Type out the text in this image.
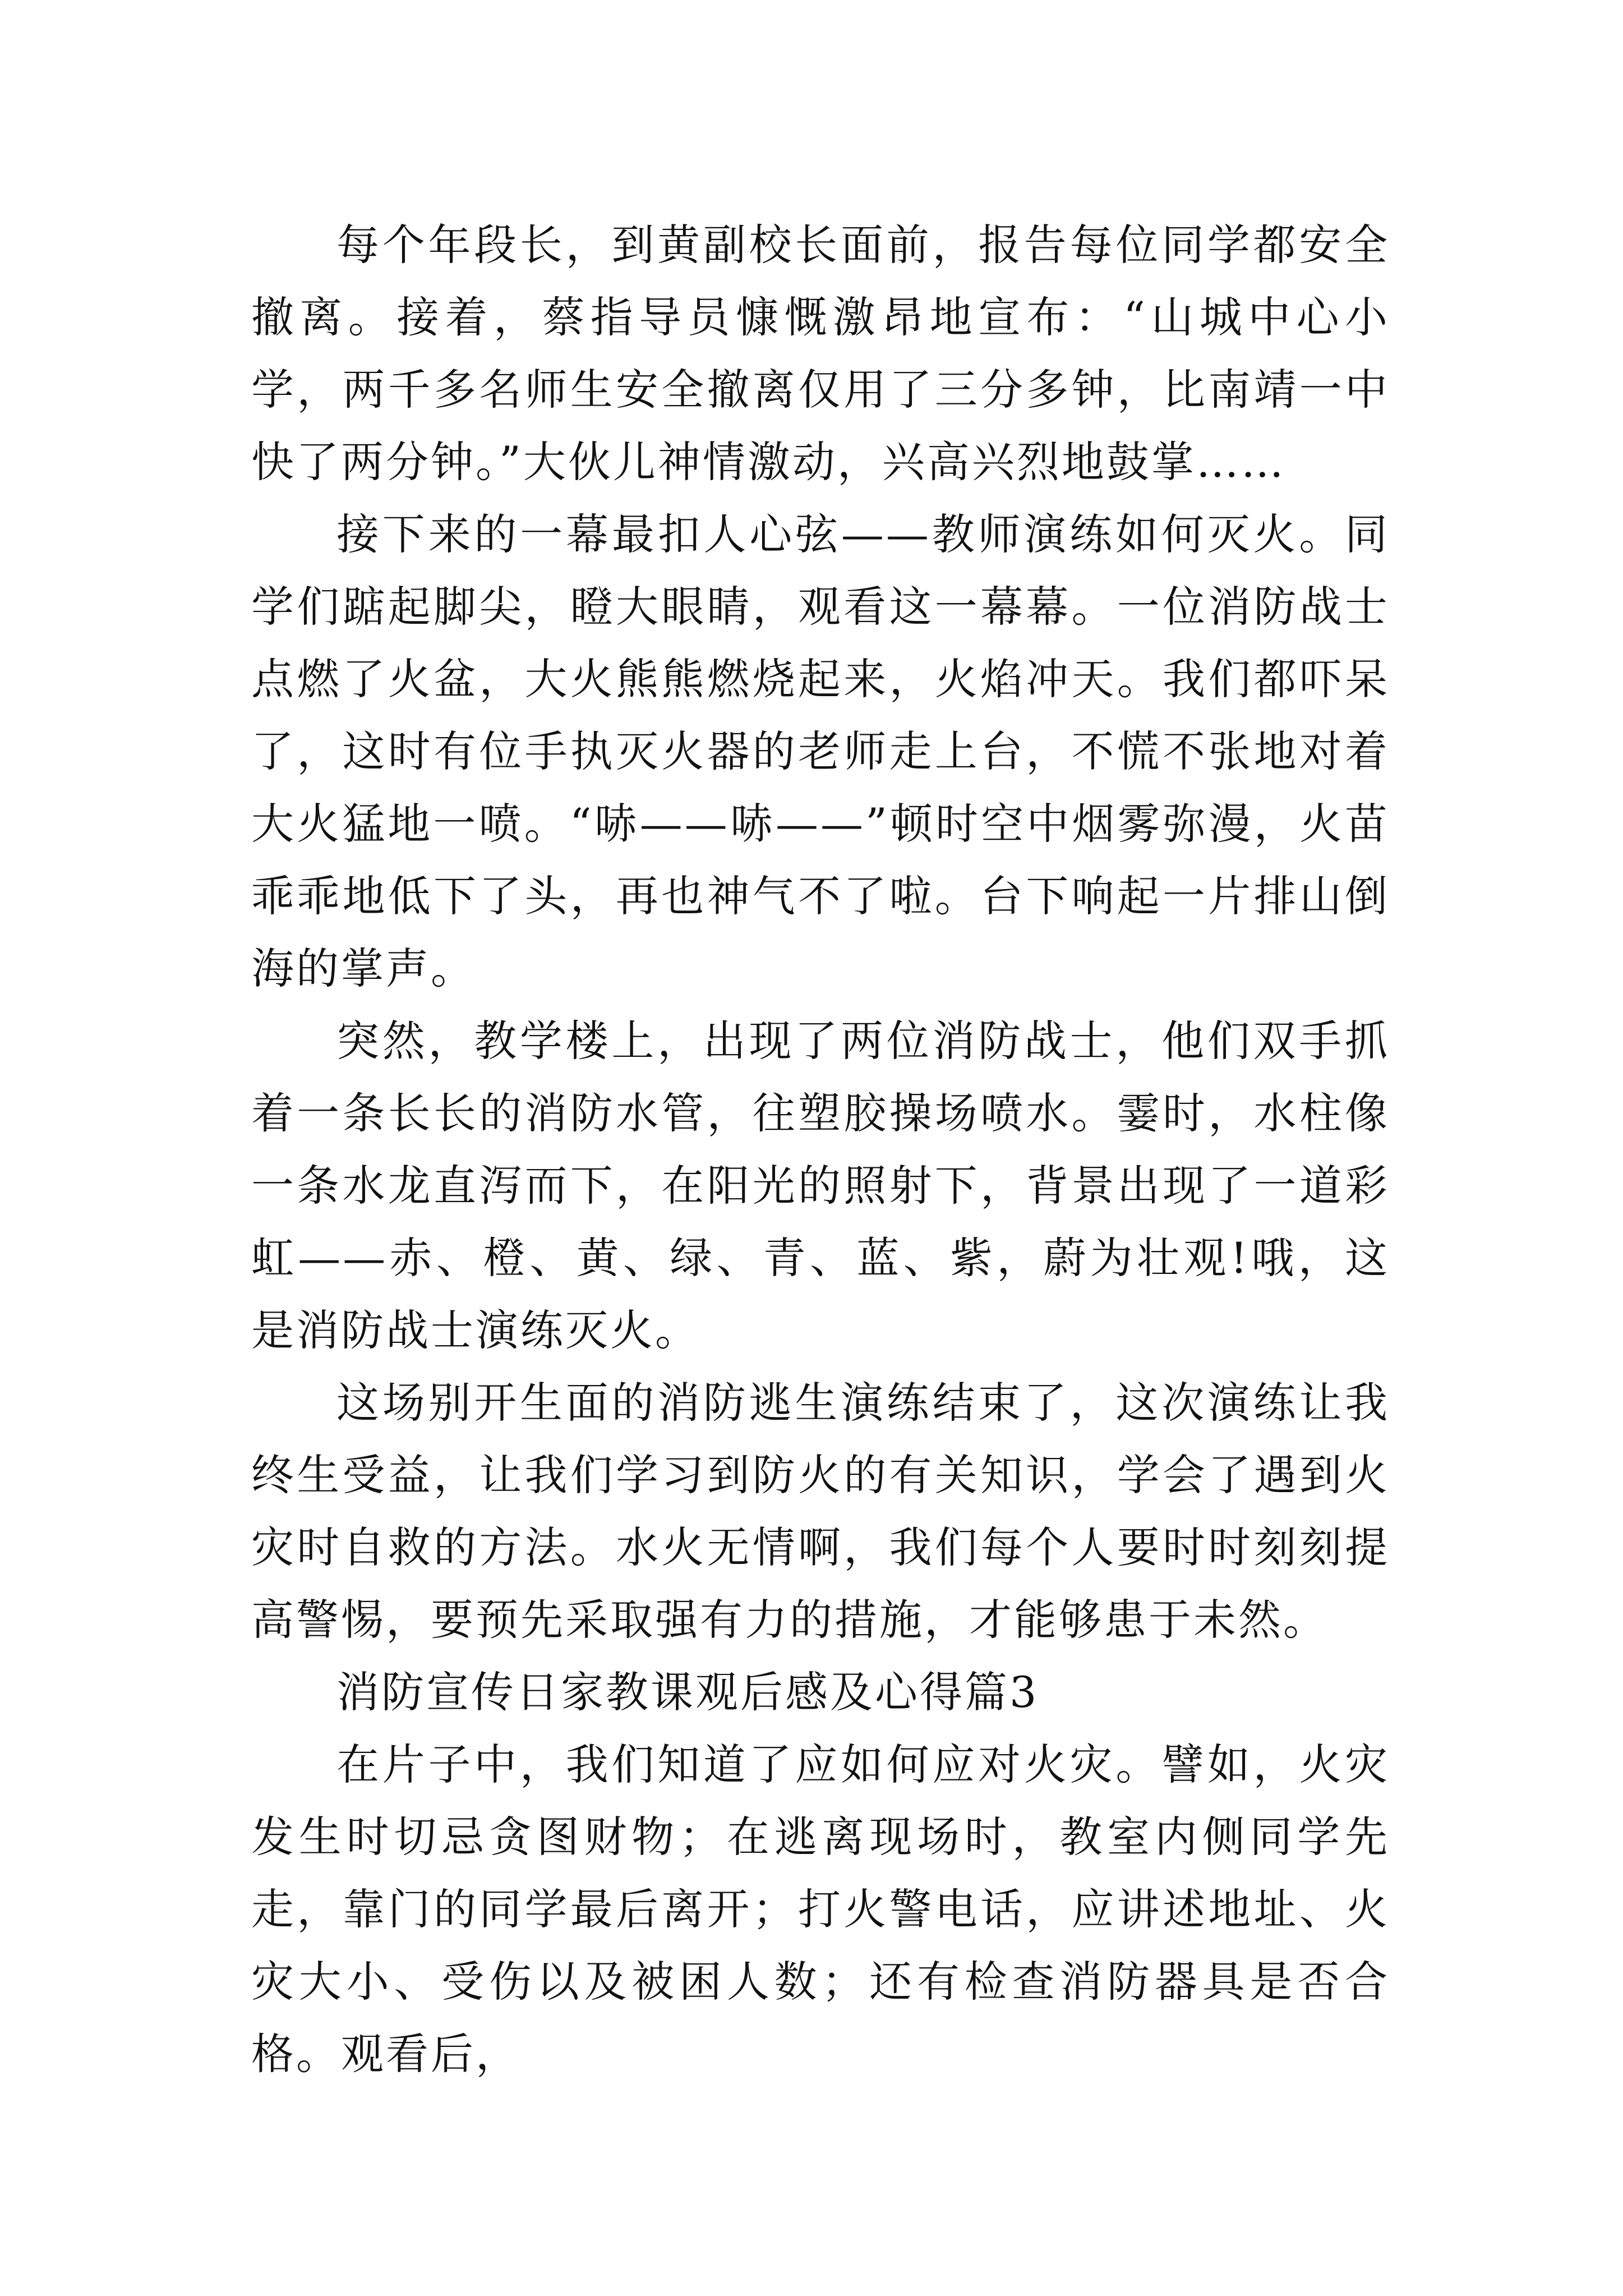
每个年段长，到黄副校长面前，报告每位同学都安全撤离。接着，蔡指导员慷慨激昂地宣布：“山城中心小学，两千多名师生安全撤离仅用了三分多钟，比南靖一中快了两分钟。”大伙儿神情激动，兴高兴烈地鼓掌……

接下来的一幕最扣人心弦——教师演练如何灭火。同学们踮起脚尖，瞪大眼睛，观看这一幕幕。一位消防战士点燃了火盆，大火熊熊燃烧起来，火焰冲天。我们都吓呆了，这时有位手执灭火器的老师走上台，不慌不张地对着大火猛地一喷。“哧——哧——”顿时空中烟雾弥漫，火苗乖乖地低下了头，再也神气不了啦。台下响起一片排山倒海的掌声。

突然，教学楼上，出现了两位消防战士，他们双手抓着一条长长的消防水管，往塑胶操场喷水。霎时，水柱像一条水龙直泻而下，在阳光的照射下，背景出现了一道彩虹——赤、橙、黄、绿、青、蓝、紫，蔚为壮观!哦，这是消防战士演练灭火。

这场别开生面的消防逃生演练结束了，这次演练让我终生受益，让我们学习到防火的有关知识，学会了遇到火灾时自救的方法。水火无情啊，我们每个人要时时刻刻提高警惕，要预先采取强有力的措施，才能够患于未然。

消防宣传日家教课观后感及心得篇3

在片子中，我们知道了应如何应对火灾。譬如，火灾发生时切忌贪图财物；在逃离现场时，教室内侧同学先走，靠门的同学最后离开；打火警电话，应讲述地址、火灾大小、受伤以及被困人数；还有检查消防器具是否合格。观看后，
